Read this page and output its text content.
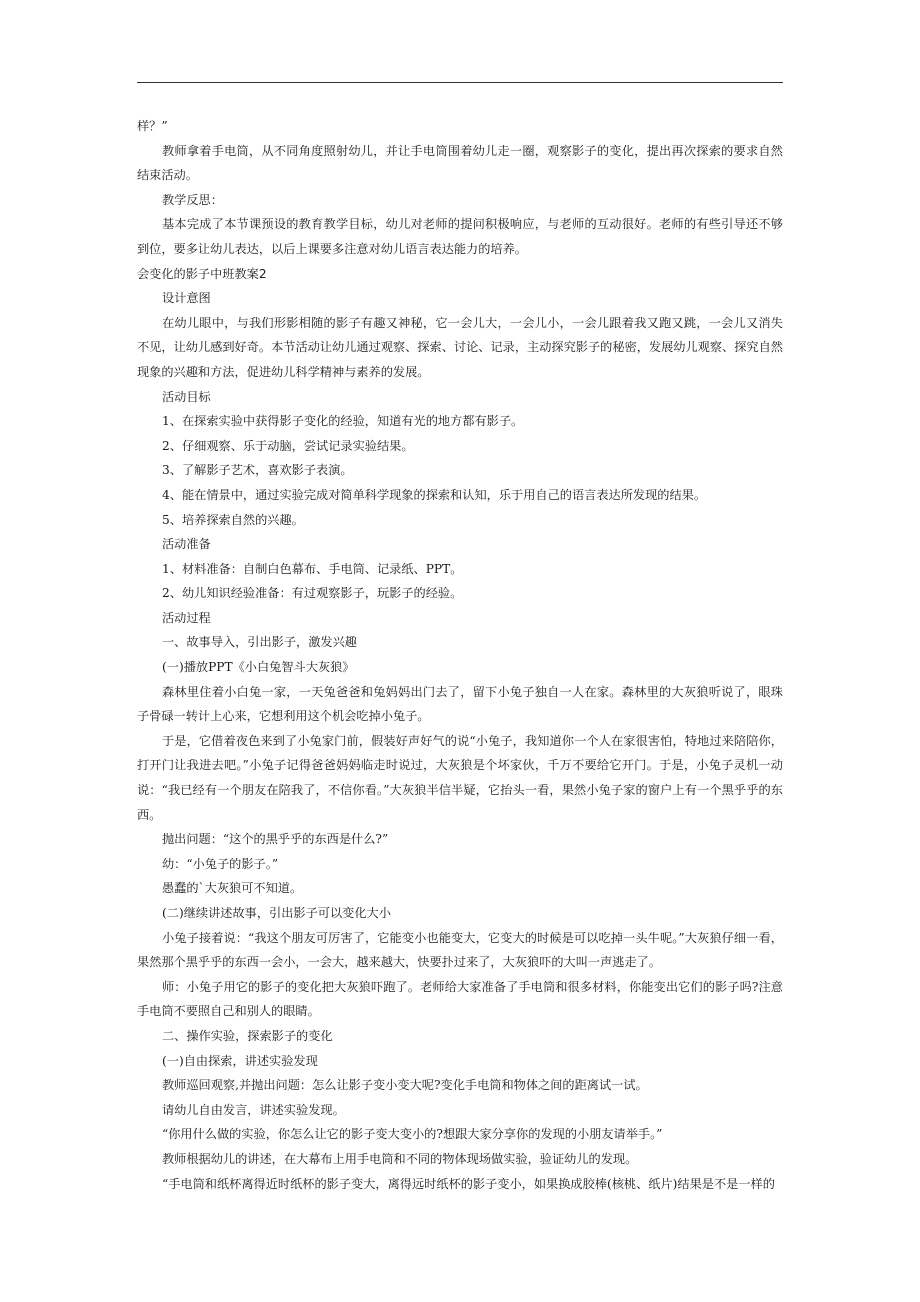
样？”

教师拿着手电筒，从不同角度照射幼儿，并让手电筒围着幼儿走一圈，观察影子的变化，提出再次探索的要求自然结束活动。

教学反思：

基本完成了本节课预设的教育教学目标，幼儿对老师的提问积极响应，与老师的互动很好。老师的有些引导还不够到位，要多让幼儿表达，以后上课要多注意对幼儿语言表达能力的培养。

会变化的影子中班教案2

设计意图

在幼儿眼中，与我们形影相随的影子有趣又神秘，它一会儿大，一会儿小，一会儿跟着我又跑又跳，一会儿又消失不见，让幼儿感到好奇。本节活动让幼儿通过观察、探索、讨论、记录，主动探究影子的秘密，发展幼儿观察、探究自然现象的兴趣和方法，促进幼儿科学精神与素养的发展。

活动目标

1、在探索实验中获得影子变化的经验，知道有光的地方都有影子。

2、仔细观察、乐于动脑，尝试记录实验结果。

3、了解影子艺术，喜欢影子表演。

4、能在情景中，通过实验完成对简单科学现象的探索和认知，乐于用自己的语言表达所发现的结果。

5、培养探索自然的兴趣。

活动准备

1、材料准备：自制白色幕布、手电筒、记录纸、PPT。

2、幼儿知识经验准备：有过观察影子，玩影子的经验。

活动过程

一、故事导入，引出影子，激发兴趣

(一)播放PPT《小白兔智斗大灰狼》

森林里住着小白兔一家，一天兔爸爸和兔妈妈出门去了，留下小兔子独自一人在家。森林里的大灰狼听说了，眼珠子骨碌一转计上心来，它想利用这个机会吃掉小兔子。

于是，它借着夜色来到了小兔家门前，假装好声好气的说“小兔子，我知道你一个人在家很害怕，特地过来陪陪你，打开门让我进去吧。”小兔子记得爸爸妈妈临走时说过，大灰狼是个坏家伙，千万不要给它开门。于是，小兔子灵机一动说：“我已经有一个朋友在陪我了，不信你看。”大灰狼半信半疑，它抬头一看，果然小兔子家的窗户上有一个黑乎乎的东西。

抛出问题：“这个的黑乎乎的东西是什么?”

幼：“小兔子的影子。”

愚蠢的`大灰狼可不知道。

(二)继续讲述故事，引出影子可以变化大小

小兔子接着说：“我这个朋友可厉害了，它能变小也能变大，它变大的时候是可以吃掉一头牛呢。”大灰狼仔细一看，果然那个黑乎乎的东西一会小，一会大，越来越大，快要扑过来了，大灰狼吓的大叫一声逃走了。

师：小兔子用它的影子的变化把大灰狼吓跑了。老师给大家准备了手电筒和很多材料，你能变出它们的影子吗?注意手电筒不要照自己和别人的眼睛。

二、操作实验，探索影子的变化

(一)自由探索，讲述实验发现

教师巡回观察,并抛出问题：怎么让影子变小变大呢?变化手电筒和物体之间的距离试一试。

请幼儿自由发言，讲述实验发现。

“你用什么做的实验，你怎么让它的影子变大变小的?想跟大家分享你的发现的小朋友请举手。”

教师根据幼儿的讲述，在大幕布上用手电筒和不同的物体现场做实验，验证幼儿的发现。

“手电筒和纸杯离得近时纸杯的影子变大，离得远时纸杯的影子变小，如果换成胶棒(核桃、纸片)结果是不是一样的
